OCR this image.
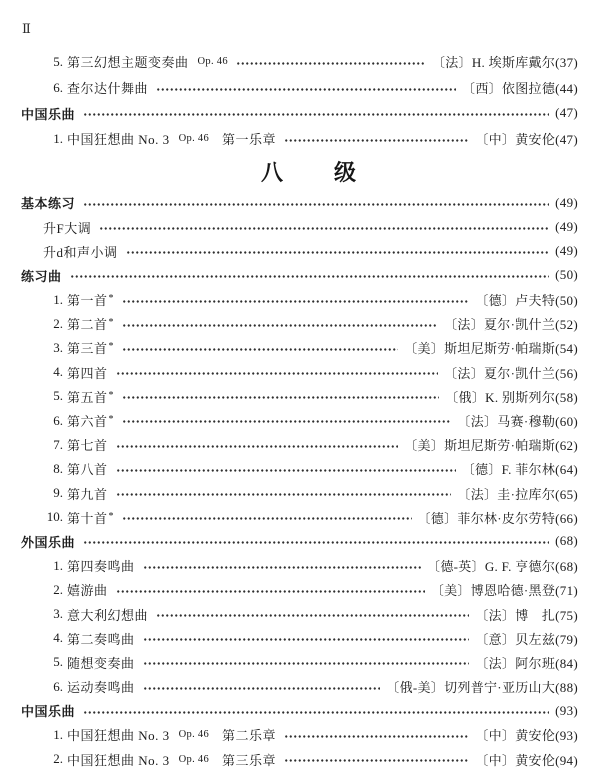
Ⅱ
5. 第三幻想主题变奏曲 Op. 46	〔法〕H. 埃斯库戴尔(37)
6. 查尔达什舞曲	〔西〕依图拉德(44)
中国乐曲	(47)
1. 中国狂想曲 No. 3 Op. 46 第一乐章	〔中〕黄安伦(47)
八 级
基本练习	(49)
升F大调	(49)
升d和声小调	(49)
练习曲	(50)
1. 第一首*	〔德〕卢夫特(50)
2. 第二首*	〔法〕夏尔·凯什兰(52)
3. 第三首*	〔美〕斯坦尼斯劳·帕瑞斯(54)
4. 第四首	〔法〕夏尔·凯什兰(56)
5. 第五首*	〔俄〕K. 别斯列尔(58)
6. 第六首*	〔法〕马赛·穆勒(60)
7. 第七首	〔美〕斯坦尼斯劳·帕瑞斯(62)
8. 第八首	〔德〕F. 菲尔林(64)
9. 第九首	〔法〕圭·拉库尔(65)
10. 第十首*	〔德〕菲尔林·皮尔劳特(66)
外国乐曲	(68)
1. 第四奏鸣曲	〔德-英〕G. F. 亨德尔(68)
2. 嬉游曲	〔美〕博恩哈德·黑登(71)
3. 意大利幻想曲	〔法〕博　扎(75)
4. 第二奏鸣曲	〔意〕贝左兹(79)
5. 随想变奏曲	〔法〕阿尔班(84)
6. 运动奏鸣曲	〔俄-美〕切列普宁·亚历山大(88)
中国乐曲	(93)
1. 中国狂想曲 No. 3 Op. 46 第二乐章	〔中〕黄安伦(93)
2. 中国狂想曲 No. 3 Op. 46 第三乐章	〔中〕黄安伦(94)
